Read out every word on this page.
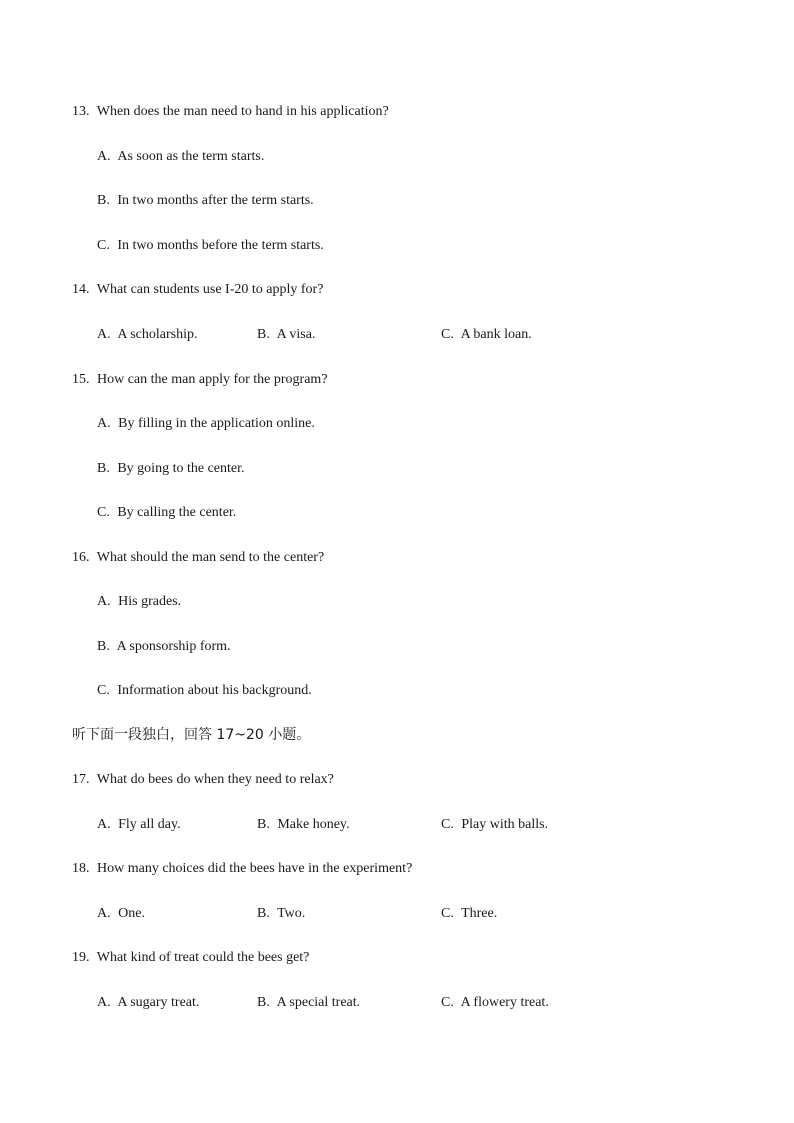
13. When does the man need to hand in his application?
A. As soon as the term starts.
B. In two months after the term starts.
C. In two months before the term starts.
14. What can students use I-20 to apply for?
A. A scholarship.	B. A visa.	C. A bank loan.
15. How can the man apply for the program?
A. By filling in the application online.
B. By going to the center.
C. By calling the center.
16. What should the man send to the center?
A. His grades.
B. A sponsorship form.
C. Information about his background.
听下面一段独白，回答 17~20 小题。
17. What do bees do when they need to relax?
A. Fly all day.	B. Make honey.	C. Play with balls.
18. How many choices did the bees have in the experiment?
A. One.	B. Two.	C. Three.
19. What kind of treat could the bees get?
A. A sugary treat.	B. A special treat.	C. A flowery treat.
